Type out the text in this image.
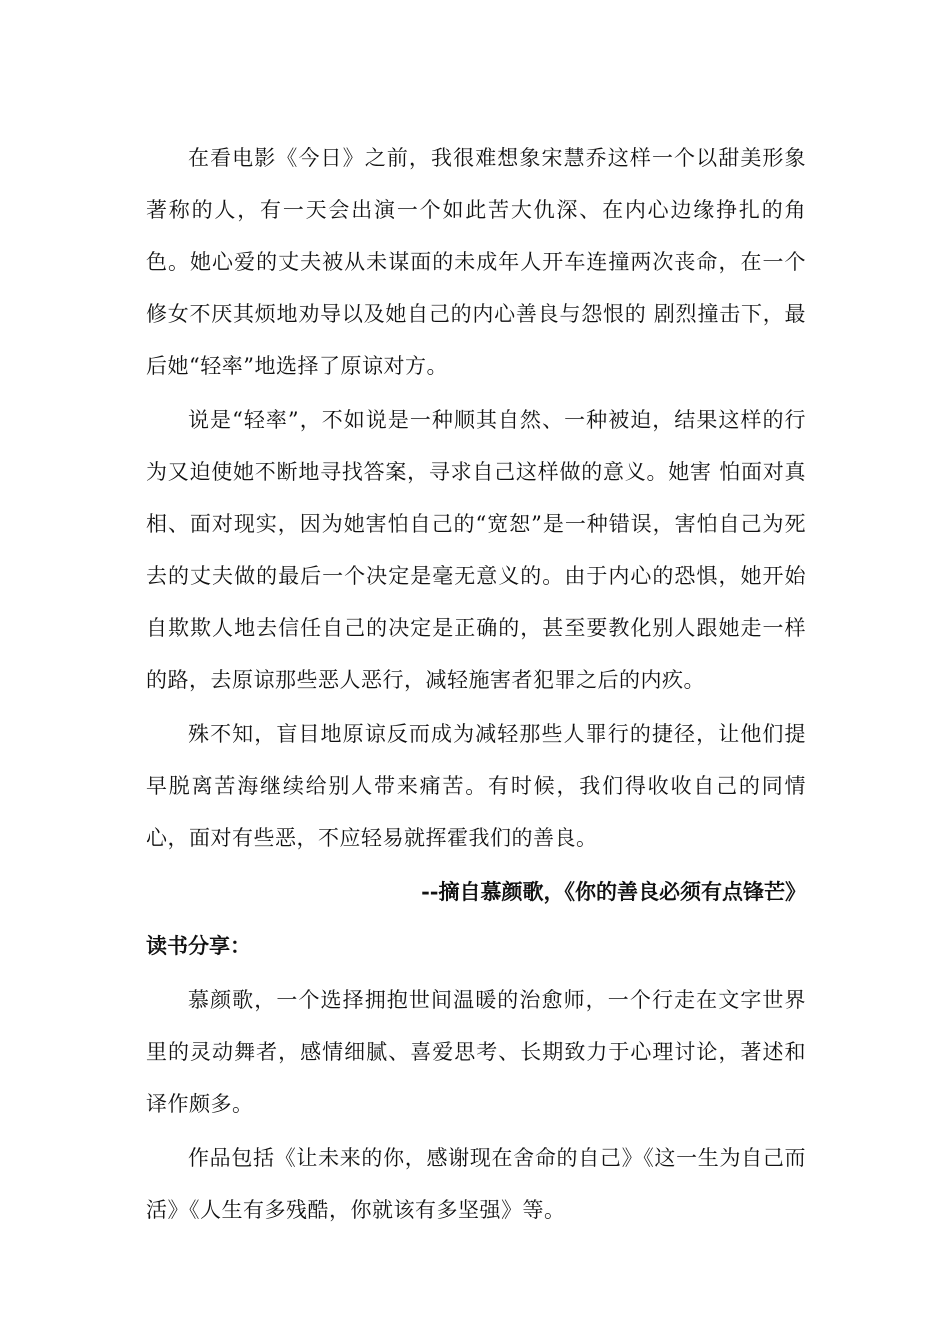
在看电影《今日》之前，我很难想象宋慧乔这样一个以甜美形象著称的人，有一天会出演一个如此苦大仇深、在内心边缘挣扎的角色。她心爱的丈夫被从未谋面的未成年人开车连撞两次丧命，在一个修女不厌其烦地劝导以及她自己的内心善良与怨恨的 剧烈撞击下，最后她“轻率”地选择了原谅对方。

说是“轻率”，不如说是一种顺其自然、一种被迫，结果这样的行为又迫使她不断地寻找答案，寻求自己这样做的意义。她害 怕面对真相、面对现实，因为她害怕自己的“宽恕”是一种错误，害怕自己为死去的丈夫做的最后一个决定是毫无意义的。由于内心的恐惧，她开始自欺欺人地去信任自己的决定是正确的，甚至要教化别人跟她走一样的路，去原谅那些恶人恶行，减轻施害者犯罪之后的内疚。

殊不知，盲目地原谅反而成为减轻那些人罪行的捷径，让他们提早脱离苦海继续给别人带来痛苦。有时候，我们得收收自己的同情心，面对有些恶，不应轻易就挥霍我们的善良。

--摘自慕颜歌，《你的善良必须有点锋芒》

读书分享：

慕颜歌，一个选择拥抱世间温暖的治愈师，一个行走在文字世界里的灵动舞者，感情细腻、喜爱思考、长期致力于心理讨论，著述和译作颇多。

作品包括《让未来的你，感谢现在舍命的自己》《这一生为自己而活》《人生有多残酷，你就该有多坚强》等。
